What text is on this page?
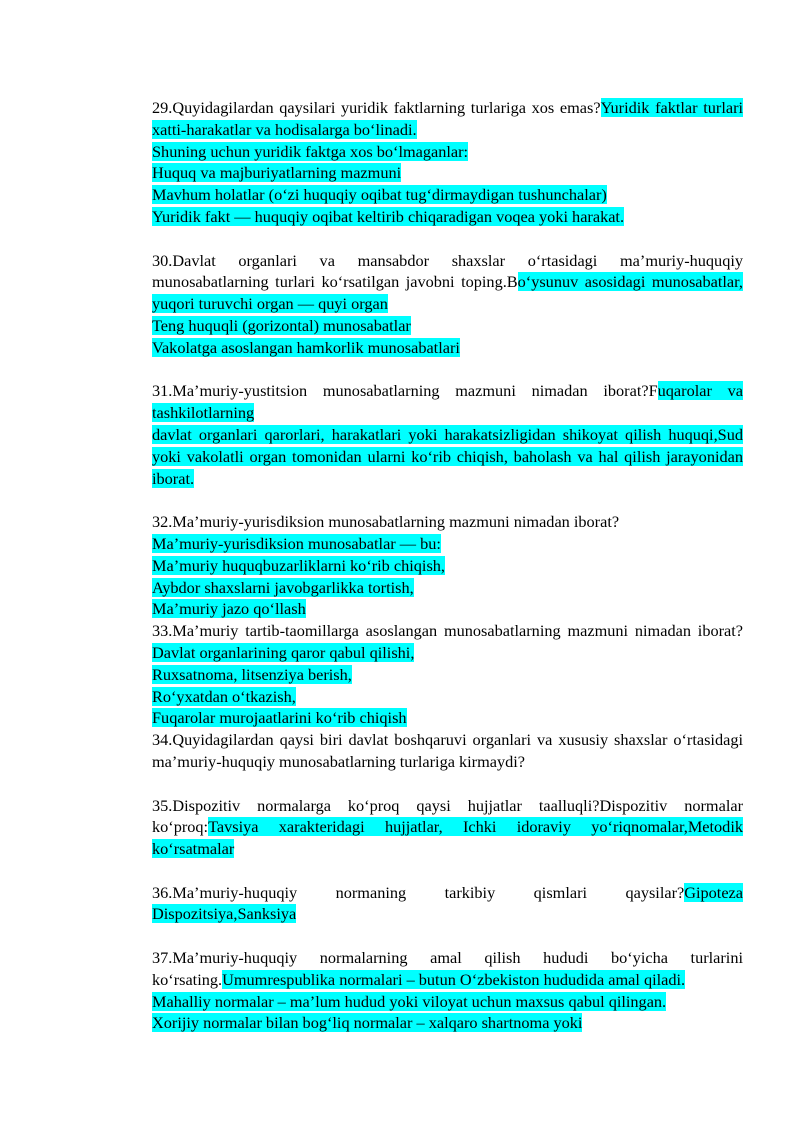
29.Quyidagilardan qaysilari yuridik faktlarning turlariga xos emas?Yuridik faktlar turlari xatti-harakatlar va hodisalarga bo‘linadi.

Shuning uchun yuridik faktga xos bo‘lmaganlar:

Huquq va majburiyatlarning mazmuni

Mavhum holatlar (o‘zi huquqiy oqibat tug‘dirmaydigan tushunchalar)

Yuridik fakt — huquqiy oqibat keltirib chiqaradigan voqea yoki harakat.

30.Davlat organlari va mansabdor shaxslar o‘rtasidagi ma’muriy-huquqiy munosabatlarning turlari ko‘rsatilgan javobni toping.Bo‘ysunuv asosidagi munosabatlar, yuqori turuvchi organ — quyi organ

Teng huquqli (gorizontal) munosabatlar

Vakolatga asoslangan hamkorlik munosabatlari

31.Ma’muriy-yustitsion munosabatlarning mazmuni nimadan iborat?Fuqarolar va tashkilotlarning

davlat organlari qarorlari, harakatlari yoki harakatsizligidan shikoyat qilish huquqi,Sud yoki vakolatli organ tomonidan ularni ko‘rib chiqish, baholash va hal qilish jarayonidan iborat.

32.Ma’muriy-yurisdiksion munosabatlarning mazmuni nimadan iborat?

Ma’muriy-yurisdiksion munosabatlar — bu:

Ma’muriy huquqbuzarliklarni ko‘rib chiqish,

Aybdor shaxslarni javobgarlikka tortish,

Ma’muriy jazo qo‘llash

33.Ma’muriy tartib-taomillarga asoslangan munosabatlarning mazmuni nimadan iborat?Davlat organlarining qaror qabul qilishi,

Ruxsatnoma, litsenziya berish,

Ro‘yxatdan o‘tkazish,

Fuqarolar murojaatlarini ko‘rib chiqish

34.Quyidagilardan qaysi biri davlat boshqaruvi organlari va xususiy shaxslar o‘rtasidagi ma’muriy-huquqiy munosabatlarning turlariga kirmaydi?

35.Dispozitiv normalarga ko‘proq qaysi hujjatlar taalluqli?Dispozitiv normalar ko‘proq:Tavsiya xarakteridagi hujjatlar, Ichki idoraviy yo‘riqnomalar,Metodik ko‘rsatmalar

36.Ma’muriy-huquqiy normaning tarkibiy qismlari qaysilar?Gipoteza Dispozitsiya,Sanksiya

37.Ma’muriy-huquqiy normalarning amal qilish hududi bo‘yicha turlarini ko‘rsating.Umumrespublika normalari – butun O‘zbekiston hududida amal qiladi.

Mahalliy normalar – ma’lum hudud yoki viloyat uchun maxsus qabul qilingan.

Xorijiy normalar bilan bog‘liq normalar – xalqaro shartnoma yoki
